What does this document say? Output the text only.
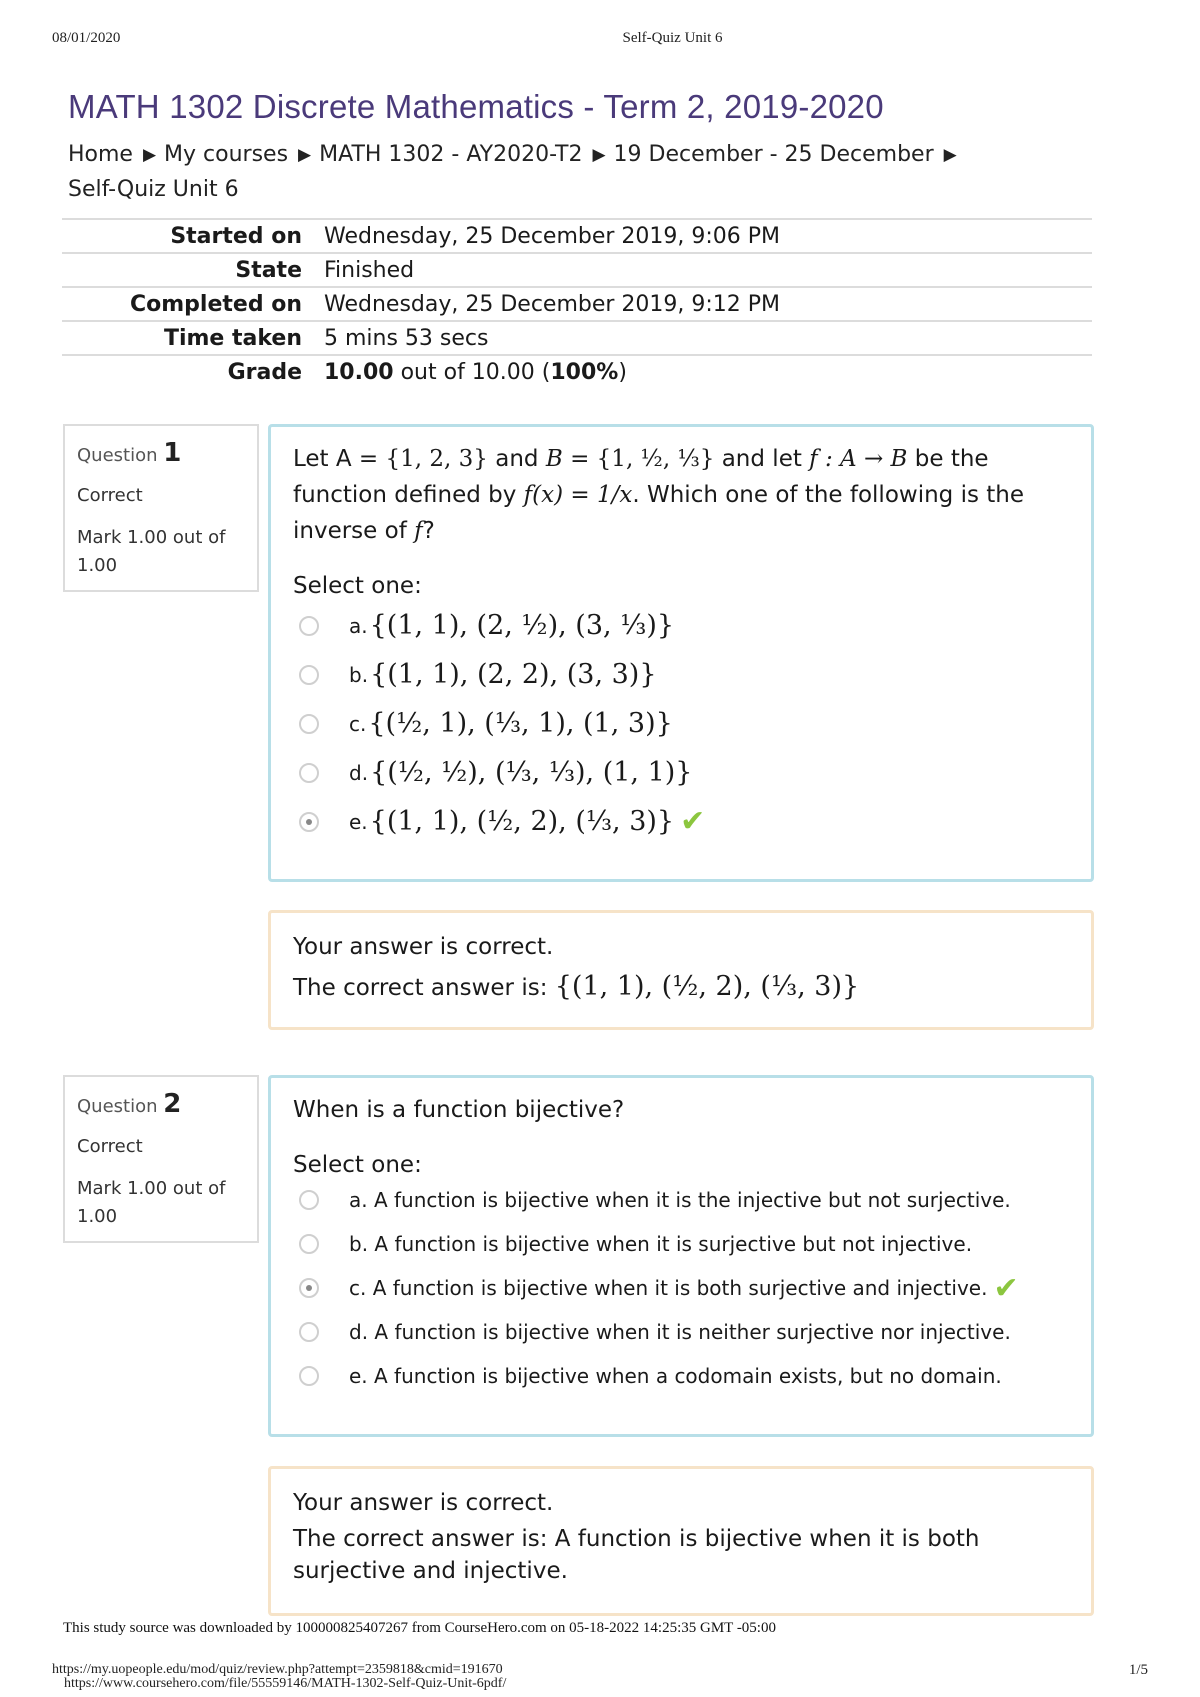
08/01/2020	Self-Quiz Unit 6
MATH 1302 Discrete Mathematics - Term 2, 2019-2020
Home ▶ My courses ▶ MATH 1302 - AY2020-T2 ▶ 19 December - 25 December ▶
Self-Quiz Unit 6
Started on	Wednesday, 25 December 2019, 9:06 PM
State	Finished
Completed on	Wednesday, 25 December 2019, 9:12 PM
Time taken	5 mins 53 secs
Grade	10.00 out of 10.00 (100%)
Question 1
Correct
Mark 1.00 out of 1.00
Let A = {1, 2, 3} and B = {1, ½, ⅓} and let f : A → B be the function defined by f(x) = 1/x. Which one of the following is the inverse of f?
Select one:
a. {(1, 1), (2, ½), (3, ⅓)}
b. {(1, 1), (2, 2), (3, 3)}
c. {(½, 1), (⅓, 1), (1, 3)}
d. {(½, ½), (⅓, ⅓), (1, 1)}
e. {(1, 1), (½, 2), (⅓, 3)} ✔
Your answer is correct.
The correct answer is: {(1, 1), (½, 2), (⅓, 3)}
Question 2
Correct
Mark 1.00 out of 1.00
When is a function bijective?
Select one:
a. A function is bijective when it is the injective but not surjective.
b. A function is bijective when it is surjective but not injective.
c. A function is bijective when it is both surjective and injective. ✔
d. A function is bijective when it is neither surjective nor injective.
e. A function is bijective when a codomain exists, but no domain.
Your answer is correct.
The correct answer is: A function is bijective when it is both surjective and injective.
This study source was downloaded by 100000825407267 from CourseHero.com on 05-18-2022 14:25:35 GMT -05:00
https://my.uopeople.edu/mod/quiz/review.php?attempt=2359818&cmid=191670
https://www.coursehero.com/file/55559146/MATH-1302-Self-Quiz-Unit-6pdf/
1/5
